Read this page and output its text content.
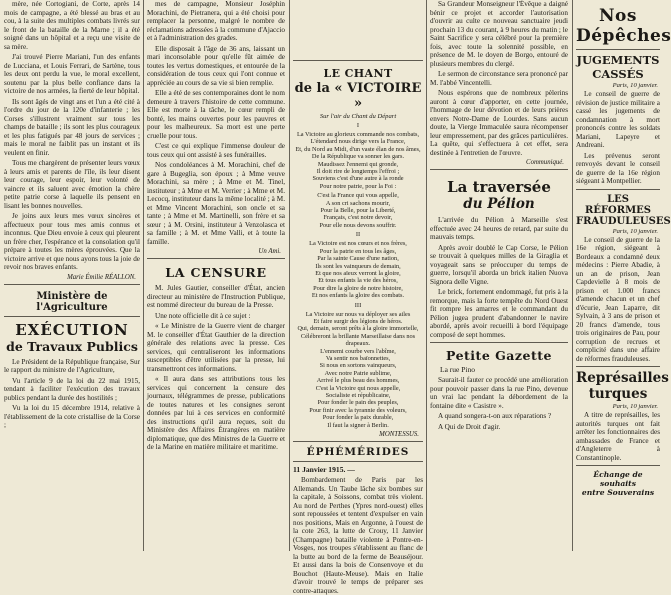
mère, née Cortogiani, de Corte, après 14 mois de campagne, a été blessé au bras et au cou, à la suite des multiples combats livrés sur le front de la bataille de la Marne ; il a été soigné dans un hôpital et a reçu une visite de sa mère.

J'ai trouvé Pierre Mariani, l'un des enfants de Lucciana, et Louis Ferrari, de Sartène, tous les deux ont perdu la vue, le moral excellent, soutenu par la plus belle confiance dans la victoire de nos armées, la fierté de leur hôpital.

Ils sont âgés de vingt ans et l'un a été cité à l'ordre du jour de la 120e d'infanterie ; les Corses s'illustrent vraiment sur tous les champs de bataille ; ils sont les plus courageux et les plus fatigués par 48 jours de services ; mais le moral ne faiblit pas un instant et ils veulent en finir.

Tous me chargèrent de présenter leurs vœux à leurs amis et parents de l'île, ils leur disent leur courage, leur espoir, leur volonté de vaincre et ils saluent avec émotion la chère petite patrie corse à laquelle ils pensent en lisant les bonnes nouvelles.

Je joins aux leurs mes vœux sincères et affectueux pour tous mes amis connus et inconnus. Que Dieu envoie à ceux qui pleurent un frère cher, l'espérance et la consolation qu'il prépare à toutes les mères éprouvées. Que la victoire arrive et que nous ayons tous la joie de revoir nos braves enfants.

Marie Émilie RÉALLON.

Ministère de l'Agriculture
EXÉCUTION
de Travaux Publics

Le Président de la République française, Sur le rapport du ministre de l'Agriculture,

Vu l'article 9 de la loi du 22 mai 1915, tendant à faciliter l'exécution des travaux publics pendant la durée des hostilités ;

Vu la loi du 15 décembre 1914, relative à l'établissement de la cote cristallise de la Corse ;

mes de campagne, Monsieur Joséphin Morachini, de Pietranera, qui a été choisi pour remplacer la personne, malgré le nombre de réclamations adressées à la commune d'Ajaccio et à l'administration des grades.

Elle disposait à l'âge de 36 ans, laissant un mari inconsolable pour qu'elle fût aimée de toutes les vertus domestiques, et entourée de la considération de tous ceux qui l'ont connue et appréciée au cours de sa vie si bien remplie.

Elle a été de ses contemporaines dont le nom demeure à travers l'histoire de cette commune. Elle est morte à la tâche, le cœur rempli de bonté, les mains ouvertes pour les pauvres et pour les malheureux. Sa mort est une perte cruelle pour tous.

C'est ce qui explique l'immense douleur de tous ceux qui ont assisté à ses funérailles.

Nos condoléances à M. Morachini, chef de gare à Bugeglia, son époux ; à Mme veuve Morachini, sa mère ; à Mme et M. Tinel, instituteur ; à Mme et M. Verrier ; à Mme et M. Lecocq, instituteur dans la même localité ; à M. et Mme Vincent Morachini, son oncle et sa tante ; à Mme et M. Martinelli, son frère et sa sœur ; à M. Orsini, instituteur à Venzolasca et sa famille ; à M. et Mme Valli, et à toute la famille.

Un Ami.

LA CENSURE

M. Jules Gautier, conseiller d'État, ancien directeur au ministère de l'Instruction Publique, est nommé directeur du bureau de la Presse.

Une note officielle dit à ce sujet :

« Le Ministre de la Guerre vient de charger M. le conseiller d'État Gauthier de la direction générale des relations avec la presse. Ces services, qui centraliseront les informations susceptibles d'être utilisées par la presse, lui transmettront ces informations.

« Il aura dans ses attributions tous les services qui concernent la censure des journaux, télégrammes de presse, publications de toutes natures et les consignes seront données par lui à ces services en conformité des instructions qu'il aura reçues, soit du Ministère des Affaires Étrangères en matière diplomatique, que des Ministres de la Guerre et de la Marine en matière militaire et maritime.

LE CHANT
de la « VICTOIRE »
Sur l'air du Chant du Départ
I

La Victoire au glorieux commande nos combats,

L'étendard nous dirige vers la France,

Et, du Nord au Midi, d'un vaste élan de nos âmes,

De la République va sonner les gars.

Maudissez l'ennemi qui gronde,

Il doit rire de longtemps l'effroi ;

Souviens c'est d'une autre à la ronde

Pour notre patrie, pour la Foi :

C'est la France qui vous appelle,

A son cri sachons mourir,

Pour la Belle, pour la Liberté,

Français, c'est notre devoir,

Pour elle nous devons souffrir.

II

La Victoire est nos cœurs et nos frères,

Pour la patrie en tous les âges,

Par la sainte Cause d'une nation,

Ils sont les vainqueurs de demain,

Et que nos aïeux verront la gloire,

Et tous enfants la vie des héros,

Pour dire la gloire de notre histoire,

Et nos enfants la gloire des combats.

III

La Victoire sur nous va déployer ses ailes

Et faire surgir des légions de héros.

Qui, demain, seront prêts à la gloire immortelle,

Célébreront la brillante Marseillaise dans nos drapeaux.

L'ennemi courbe vers l'abîme,

Va sentir nos baïonnettes,

Si nous en sortons vainqueurs,

Avec notre Patrie sublime,

Arrivé le plus beau des hommes,

C'est la Victoire qui nous appelle,

Socialiste et républicaine,

Pour fonder le pain des peuples,

Pour finir avec la tyrannie des voleurs,

Pour fonder la paix durable,

Il faut la signer à Berlin.

MONTESSUS.

ÉPHÉMÉRIDES
11 Janvier 1915. —

Bombardement de Paris par les Allemands. Un Taube lâche six bombes sur la capitale, à Soissons, combat très violent. Au nord de Perthes (Ypres nord-ouest) elles sont repoussées et tentent d'expulser en vain nos positions, Mais en Argonne, à l'ouest de la cote 263, la lutte de Crouy, 11 Janvier (Champagne) bataille violente à Pontre-en-Vosges, nos troupes s'établissent au flanc de la butte au bord de la ferme de Beauséjour. Et aussi dans la bois de Consenvoye et du Bouchot (Haute-Meuse). Mais en Italie d'avoir trouvé le temps de préparer ses contre-attaques.

Sa Grandeur Monseigneur l'Évêque a daigné bénir ce projet et accorder l'autorisation d'ouvrir au culte ce nouveau sanctuaire jeudi prochain 13 du courant, à 9 heures du matin ; le Saint Sacrifice y sera célébré pour la première fois, avec toute la solennité possible, en présence de M. le doyen de Borgo, entouré de plusieurs membres du clergé.

Le sermon de circonstance sera prononcé par M. l'abbé Vincentelli.

Nous espérons que de nombreux pèlerins auront à cœur d'apporter, en cette journée, l'hommage de leur dévotion et de leurs prières envers Notre-Dame de Lourdes. Sans aucun doute, la Vierge Immaculée saura récompenser leur empressement, par des grâces particulières. La quête, qui s'effectuera à cet effet, sera destinée à l'entretien de l'œuvre.

Communiqué.

La traversée
du Pélion

L'arrivée du Pélion à Marseille s'est effectuée avec 24 heures de retard, par suite du mauvais temps.

Après avoir doublé le Cap Corse, le Pélion se trouvait à quelques milles de la Giraglia et voyageait sans se préoccuper du temps de guerre, lorsqu'il aborda un brick italien Nuova Signora delle Vigne.

Le brick, fortement endommagé, fut pris à la remorque, mais la forte tempête du Nord Ouest fit rompre les amarres et le commandant du Pélion jugea prudent d'abandonner le navire abordé, après avoir recueilli à bord l'équipage composé de sept hommes.

Petite Gazette
La rue Pino

Saurait-il fauter ce procédé une amélioration pour pouvoir passer dans la rue Pino, devenue un vrai lac pendant la débordement de la fontaine dite « Casistre ».

A quand songera-t-on aux réparations ?

A Qui de Droit d'agir.

Nos Dépêches
JUGEMENTS CASSÉS
Paris, 10 janvier.

Le conseil de guerre de révision de justice militaire a cassé les jugements de condamnation à mort prononcés contre les soldats Mariani, Lapeyre et Andreani.

Les prévenus seront renvoyés devant le conseil de guerre de la 16e région siégeant à Montpellier.

LES RÉFORMES
FRAUDULEUSES
Paris, 10 janvier.

Le conseil de guerre de la 16e région, siégeant à Bordeaux a condamné deux médecins : Pierre Abadie, à un an de prison, Jean Capdevielle à 8 mois de prison et 1.000 francs d'amende chacun et un chef d'écurie, Jean Laparre, dit Sylvain, à 3 ans de prison et 20 francs d'amende, tous trois originaires de Pau, pour corruption de recrues et complicité dans une affaire de réformes frauduleuses.

Représailles
turques
Paris, 10 janvier.

A titre de représailles, les autorités turques ont fait arrêter les fonctionnaires des ambassades de France et d'Angleterre à Constantinople.

Échange de souhaits
entre Souverains
